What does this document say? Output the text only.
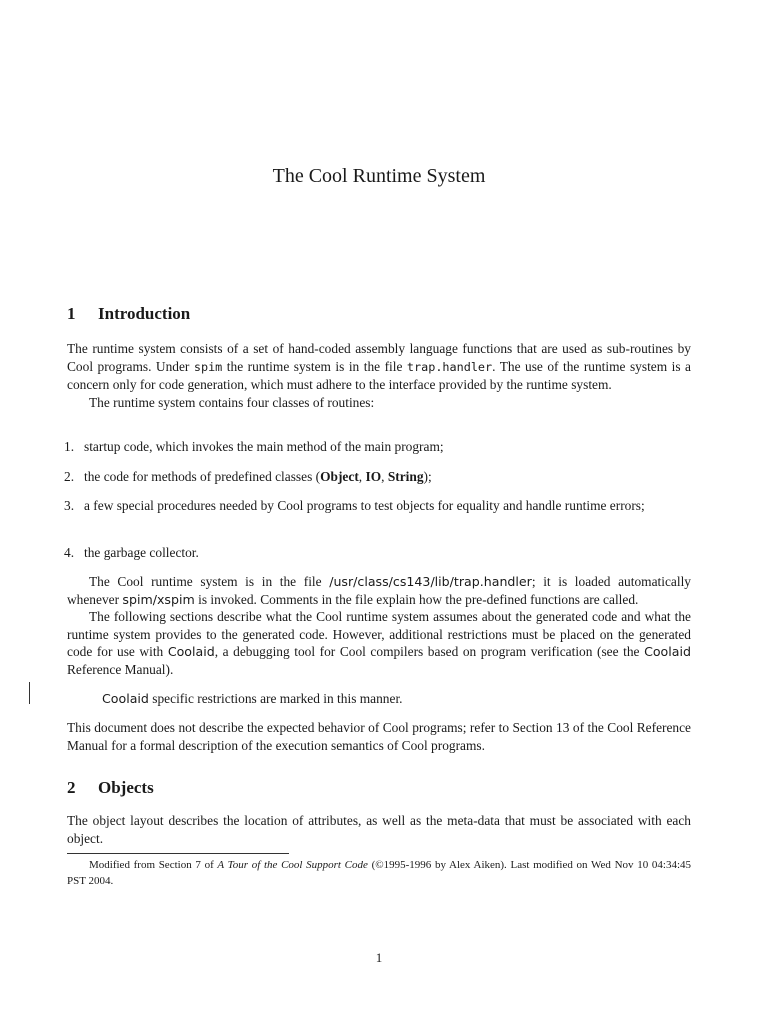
The Cool Runtime System
1 Introduction

The runtime system consists of a set of hand-coded assembly language functions that are used as sub-routines by Cool programs. Under spim the runtime system is in the file trap.handler. The use of the runtime system is a concern only for code generation, which must adhere to the interface provided by the runtime system.

The runtime system contains four classes of routines:

1. startup code, which invokes the main method of the main program;
2. the code for methods of predefined classes (Object, IO, String);
3. a few special procedures needed by Cool programs to test objects for equality and handle runtime errors;
4. the garbage collector.
The Cool runtime system is in the file /usr/class/cs143/lib/trap.handler; it is loaded automatically whenever spim/xspim is invoked. Comments in the file explain how the pre-defined functions are called.
The following sections describe what the Cool runtime system assumes about the generated code and what the runtime system provides to the generated code. However, additional restrictions must be placed on the generated code for use with Coolaid, a debugging tool for Cool compilers based on program verification (see the Coolaid Reference Manual).
Coolaid specific restrictions are marked in this manner.
This document does not describe the expected behavior of Cool programs; refer to Section 13 of the Cool Reference Manual for a formal description of the execution semantics of Cool programs.
2 Objects
The object layout describes the location of attributes, as well as the meta-data that must be associated with each object.

Modified from Section 7 of A Tour of the Cool Support Code (©1995-1996 by Alex Aiken). Last modified on Wed Nov 10 04:34:45 PST 2004.

1
